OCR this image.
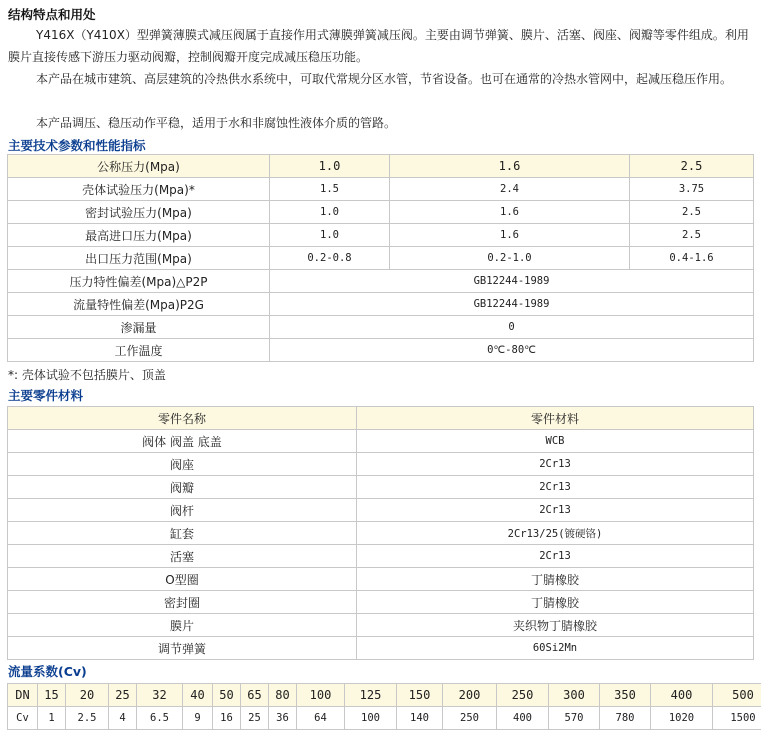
结构特点和用处
Y416X（Y410X）型弹簧薄膜式减压阀属于直接作用式薄膜弹簧减压阀。主要由调节弹簧、膜片、活塞、阀座、阀瓣等零件组成。利用膜片直接传感下游压力驱动阀瓣，控制阀瓣开度完成减压稳压功能。
本产品在城市建筑、高层建筑的冷热供水系统中，可取代常规分区水管，节省设备。也可在通常的冷热水管网中，起减压稳压作用。
本产品调压、稳压动作平稳，适用于水和非腐蚀性液体介质的管路。
主要技术参数和性能指标
公称压力(Mpa)	1.0	1.6	2.5
壳体试验压力(Mpa)*	1.5	2.4	3.75
密封试验压力(Mpa)	1.0	1.6	2.5
最高进口压力(Mpa)	1.0	1.6	2.5
出口压力范围(Mpa)	0.2-0.8	0.2-1.0	0.4-1.6
压力特性偏差(Mpa)△P2P	GB12244-1989		
流量特性偏差(Mpa)P2G	GB12244-1989		
渗漏量	0		
工作温度	0℃-80℃		
*: 壳体试验不包括膜片、顶盖
主要零件材料
零件名称	零件材料
阀体 阀盖 底盖	WCB
阀座	2Cr13
阀瓣	2Cr13
阀杆	2Cr13
缸套	2Cr13/25(镀硬铬)
活塞	2Cr13
O型圈	丁腈橡胶
密封圈	丁腈橡胶
膜片	夹织物丁腈橡胶
调节弹簧	60Si2Mn
流量系数(Cv)
DN	15	20	25	32	40	50	65	80	100	125	150	200	250	300	350	400	500
Cv	1	2.5	4	6.5	9	16	25	36	64	100	140	250	400	570	780	1020	1500
